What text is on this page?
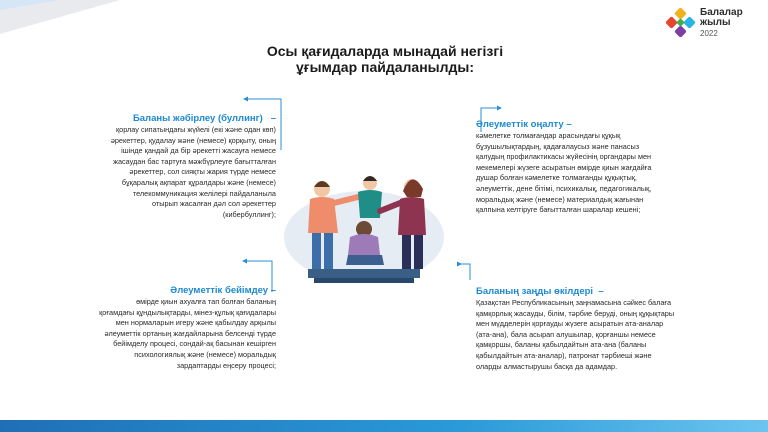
Балалар
жылы
2022
Осы қағидаларда мынадай негізгі
ұғымдар пайдаланылды:
Баланы жәбірлеу (буллинг) –
қорлау сипатындағы жүйелі (екі және одан көп)
әрекеттер, қудалау және (немесе) қорқыту, оның
ішінде қандай да бір әрекетті жасауға немесе
жасаудан бас тартуға мәжбүрлеуге бағытталған
әрекеттер, сол сияқты жария түрде немесе
бұқаралық ақпарат құралдары және (немесе)
телекоммуникация желілері пайдаланыла
отырып жасалған дәл сол әрекеттер
(кибербуллинг);
Әлеуметтік оңалту –
кәмелетке толмағандар арасындағы құқық
бұзушылықтардың, қадағалаусыз және панасыз
қалудың профилактикасы жүйесінің органдары мен
мекемелері жүзеге асыратын өмірде қиын жағдайға
душар болған кәмелетке толмағанды құқықтық,
әлеуметтік, дене бітімі, психикалық, педагогикалық,
моральдық және (немесе) материалдық жағынан
қалпына келтіруге бағытталған шаралар кешені;
Әлеуметтік бейімдеу –
өмірде қиын ахуалға тап болған баланың
қоғамдағы құндылықтарды, мінез-құлық қағидалары
мен нормаларын игеру және қабылдау арқылы
әлеуметтік ортаның жағдайларына белсенді түрде
бейімделу процесі, сондай-ақ басынан кешірген
психологиялық және (немесе) моральдық
зардаптарды еңсеру процесі;
Баланың заңды өкілдері –
Қазақстан Республикасының заңнамасына сәйкес балаға
қамқорлық жасауды, білім, тәрбие беруді, оның құқықтары
мен мүдделерін қорғауды жүзеге асыратын ата-аналар
(ата-ана), бала асырап алушылар, қорғаншы немесе
қамқоршы, баланы қабылдайтын ата-ана (баланы
қабылдайтын ата-аналар), патронат тәрбиеші және
оларды алмастырушы басқа да адамдар.
